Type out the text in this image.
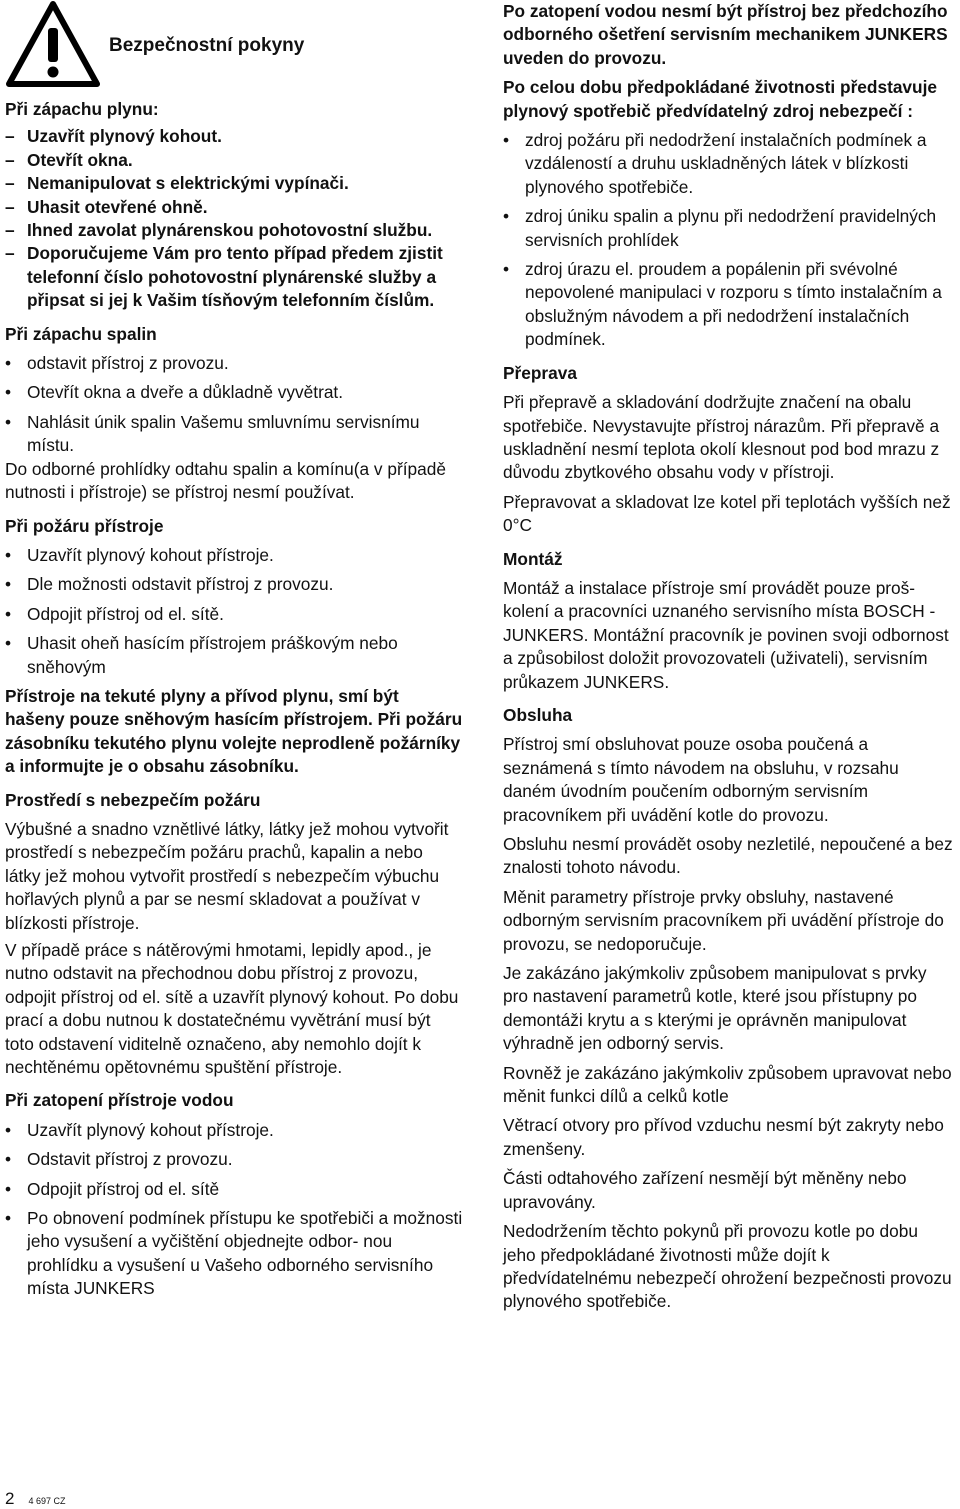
Bezpečnostní pokyny

Při zápachu plynu:

– Uzavřít plynový kohout.
– Otevřít okna.
– Nemanipulovat s elektrickými vypínači.
– Uhasit otevřené ohně.
– Ihned zavolat plynárenskou pohotovostní službu.
– Doporučujeme Vám pro tento případ předem zjistit telefonní číslo pohotovostní plynárenské služby a připsat si jej k Vašim tísňovým telefonním číslům.

Při zápachu spalin

• odstavit přístroj z provozu.
• Otevřít okna a dveře a důkladně vyvětrat.
• Nahlásit únik spalin Vašemu smluvnímu servisnímu místu.

Do odborné prohlídky odtahu spalin a komínu(a v případě nutnosti i přístroje) se přístroj nesmí používat.

Při požáru přístroje

• Uzavřít plynový kohout přístroje.
• Dle možnosti odstavit přístroj z provozu.
• Odpojit přístroj od el. sítě.
• Uhasit oheň hasícím přístrojem práškovým nebo sněhovým

Přístroje na tekuté plyny a přívod plynu, smí být hašeny pouze sněhovým hasícím přístrojem. Při požáru zásobníku tekutého plynu volejte neprodleně požárníky a informujte je o obsahu zásobníku.

Prostředí s nebezpečím požáru

Výbušné a snadno vznětlivé látky, látky jež mohou vytvořit prostředí s nebezpečím požáru prachů, kapalin a nebo látky jež mohou vytvořit prostředí s nebezpečím výbuchu hořlavých plynů a par se nesmí skladovat a používat v blízkosti přístroje.

V případě práce s nátěrovými hmotami, lepidly apod., je nutno odstavit na přechodnou dobu přístroj z provozu, odpojit přístroj od el. sítě a uzavřít plynový kohout. Po dobu prací a dobu nutnou k dostatečnému vyvětrání musí být toto odstavení viditelně označeno, aby nemohlo dojít k nechtěnému opětovnému spuštění přístroje.

Při zatopení přístroje vodou

• Uzavřít plynový kohout přístroje.
• Odstavit přístroj z provozu.
• Odpojit přístroj od el. sítě
• Po obnovení podmínek přístupu ke spotřebiči a možnosti jeho vysušení a vyčištění objednejte odbor- nou prohlídku a vysušení u Vašeho odborného servisního místa JUNKERS

Po zatopení vodou nesmí být přístroj bez předchozího odborného ošetření servisním mechanikem JUNKERS uveden do provozu.

Po celou dobu předpokládané životnosti představuje plynový spotřebič předvídatelný zdroj nebezpečí :

• zdroj požáru při nedodržení instalačních podmínek a vzdáleností a druhu uskladněných látek v blízkosti plynového spotřebiče.
• zdroj úniku spalin a plynu při nedodržení pravidelných servisních prohlídek
• zdroj úrazu el. proudem a popálenin při svévolné nepovolené manipulaci v rozporu s tímto instalačním a obslužným návodem a při nedodržení instalačních podmínek.

Přeprava

Při přepravě a skladování dodržujte značení na obalu spotřebiče. Nevystavujte přístroj nárazům. Při přepravě a uskladnění nesmí teplota okolí klesnout pod bod mrazu z důvodu zbytkového obsahu vody v přístroji.

Přepravovat a skladovat lze kotel při teplotách vyšších než 0°C

Montáž

Montáž a instalace přístroje smí provádět pouze proš- kolení a pracovníci uznaného servisního místa BOSCH - JUNKERS. Montážní pracovník je povinen svoji odbornost a způsobilost doložit provozovateli (uživateli), servisním průkazem JUNKERS.

Obsluha

Přístroj smí obsluhovat pouze osoba poučená a seznámená s tímto návodem na obsluhu, v rozsahu daném úvodním poučením odborným servisním pracovníkem při uvádění kotle do provozu.

Obsluhu nesmí provádět osoby nezletilé, nepoučené a bez znalosti tohoto návodu.

Měnit parametry přístroje prvky obsluhy, nastavené odborným servisním pracovníkem při uvádění přístroje do provozu, se nedoporučuje.

Je zakázáno jakýmkoliv způsobem manipulovat s prvky pro nastavení parametrů kotle, které jsou přístupny po demontáži krytu a s kterými je oprávněn manipulovat výhradně jen odborný servis.

Rovněž je zakázáno jakýmkoliv způsobem upravovat nebo měnit funkci dílů a celků kotle

Větrací otvory pro přívod vzduchu nesmí být zakryty nebo zmenšeny.

Části odtahového zařízení nesmějí být měněny nebo upravovány.

Nedodržením těchto pokynů při provozu kotle po dobu jeho předpokládané životnosti může dojít k předvídatelnému nebezpečí ohrožení bezpečnosti provozu plynového spotřebiče.

2 4 697 CZ
